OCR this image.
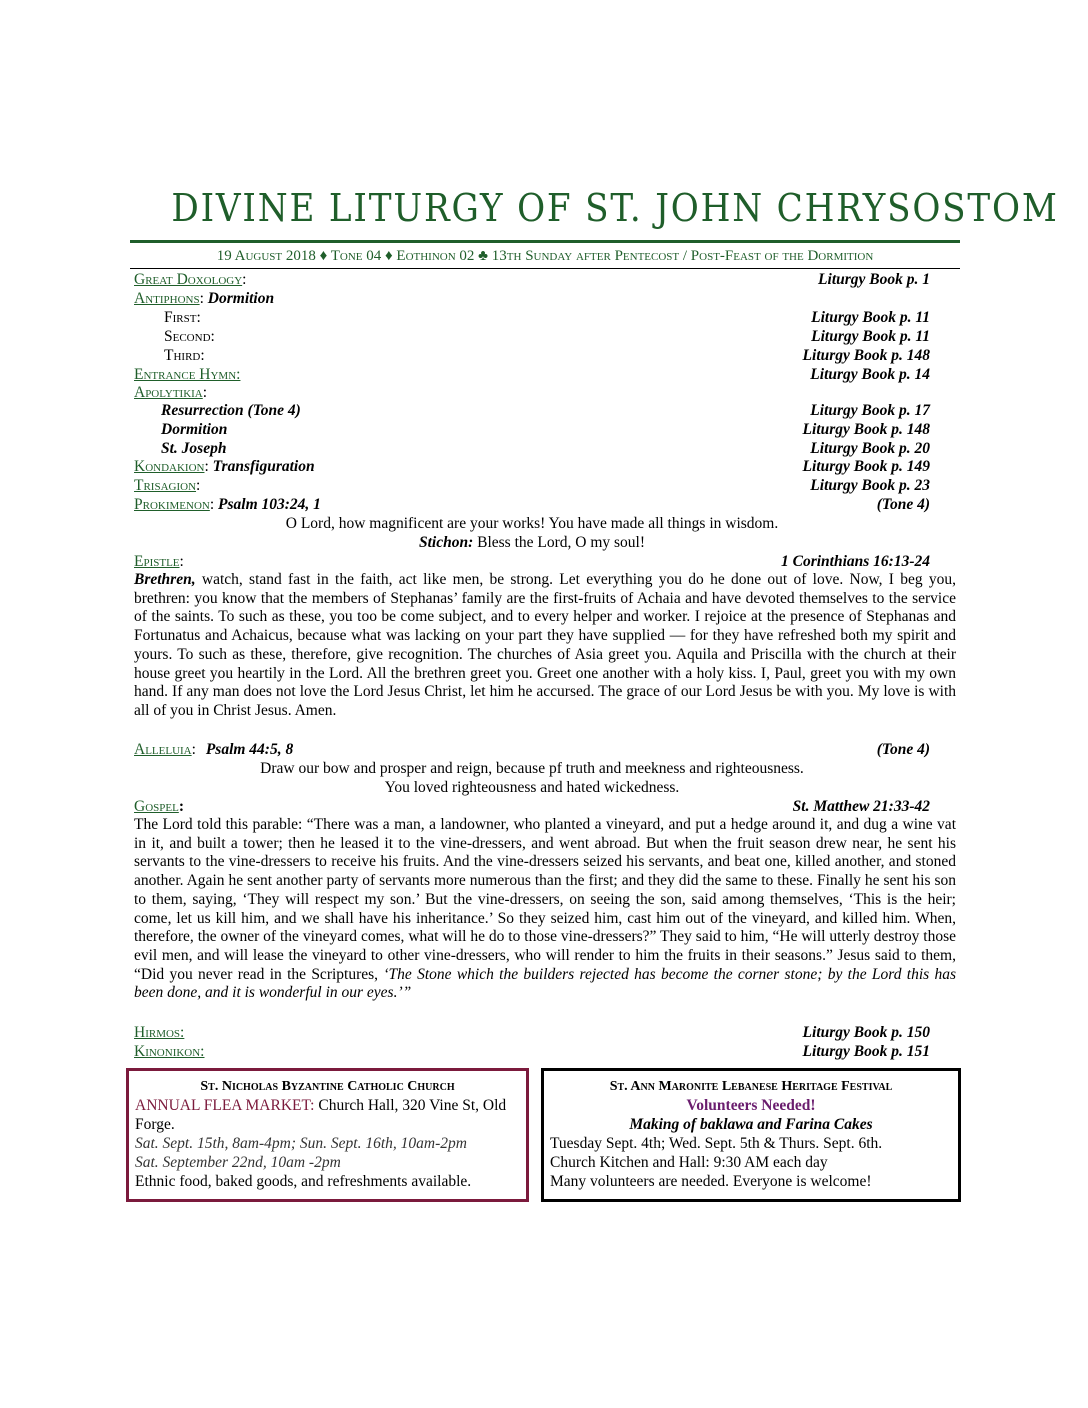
DIVINE LITURGY OF ST. JOHN CHRYSOSTOM
19 August 2018 ♦ Tone 04 ♦ Eothinon 02 ♣ 13th Sunday after Pentecost / Post-Feast of the Dormition
Great Doxology:	Liturgy Book p. 1
Antiphons: Dormition
First:	Liturgy Book p. 11
Second:	Liturgy Book p. 11
Third:	Liturgy Book p. 148
Entrance Hymn:	Liturgy Book p. 14
Apolytikia:
Resurrection (Tone 4)	Liturgy Book p. 17
Dormition	Liturgy Book p. 148
St. Joseph	Liturgy Book p. 20
Kondakion: Transfiguration	Liturgy Book p. 149
Trisagion:	Liturgy Book p. 23
Prokimenon: Psalm 103:24, 1	(Tone 4)
O Lord, how magnificent are your works! You have made all things in wisdom.
Stichon: Bless the Lord, O my soul!
Epistle:	1 Corinthians 16:13-24
Brethren, watch, stand fast in the faith, act like men, be strong. Let everything you do he done out of love. Now, I beg you, brethren: you know that the members of Stephanas’ family are the first-fruits of Achaia and have devoted themselves to the service of the saints. To such as these, you too be come subject, and to every helper and worker. I rejoice at the presence of Stephanas and Fortunatus and Achaicus, because what was lacking on your part they have supplied — for they have refreshed both my spirit and yours. To such as these, therefore, give recognition. The churches of Asia greet you. Aquila and Priscilla with the church at their house greet you heartily in the Lord. All the brethren greet you. Greet one another with a holy kiss. I, Paul, greet you with my own hand. If any man does not love the Lord Jesus Christ, let him he accursed. The grace of our Lord Jesus be with you. My love is with all of you in Christ Jesus. Amen.
Alleluia: Psalm 44:5, 8	(Tone 4)
Draw our bow and prosper and reign, because pf truth and meekness and righteousness.
You loved righteousness and hated wickedness.
Gospel:	St. Matthew 21:33-42
The Lord told this parable: “There was a man, a landowner, who planted a vineyard, and put a hedge around it, and dug a wine vat in it, and built a tower; then he leased it to the vine-dressers, and went abroad. But when the fruit season drew near, he sent his servants to the vine-dressers to receive his fruits. And the vine-dressers seized his servants, and beat one, killed another, and stoned another. Again he sent another party of servants more numerous than the first; and they did the same to these. Finally he sent his son to them, saying, ‘They will respect my son.’ But the vine-dressers, on seeing the son, said among themselves, ‘This is the heir; come, let us kill him, and we shall have his inheritance.’ So they seized him, cast him out of the vineyard, and killed him. When, therefore, the owner of the vineyard comes, what will he do to those vine-dressers?” They said to him, “He will utterly destroy those evil men, and will lease the vineyard to other vine-dressers, who will render to him the fruits in their seasons.” Jesus said to them, “Did you never read in the Scriptures, ‘The Stone which the builders rejected has become the corner stone; by the Lord this has been done, and it is wonderful in our eyes.’”
Hirmos:	Liturgy Book p. 150
Kinonikon:	Liturgy Book p. 151
St. Nicholas Byzantine Catholic Church
ANNUAL FLEA MARKET: Church Hall, 320 Vine St, Old Forge.
Sat. Sept. 15th, 8am-4pm; Sun. Sept. 16th, 10am-2pm
Sat. September 22nd, 10am -2pm
Ethnic food, baked goods, and refreshments available.
St. Ann Maronite Lebanese Heritage Festival
Volunteers Needed!
Making of baklawa and Farina Cakes
Tuesday Sept. 4th; Wed. Sept. 5th & Thurs. Sept. 6th.
Church Kitchen and Hall: 9:30 AM each day
Many volunteers are needed. Everyone is welcome!
